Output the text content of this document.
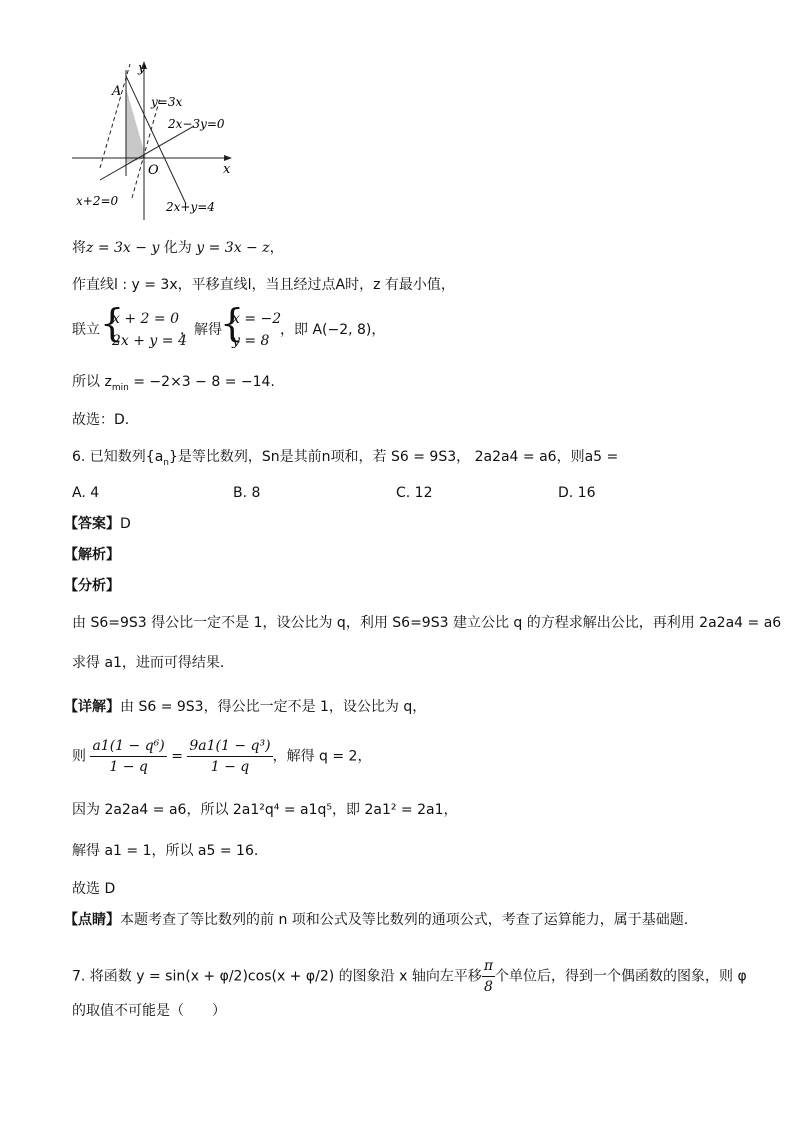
y
x
A
O
y=3x
2x−3y=0
x+2=0	2x+y=4
将z = 3x − y 化为 y = 3x − z，
作直线l : y = 3x，平移直线l，当且经过点A时，z 有最小值，
联立 {
x + 2 = 0
2x + y = 4
，解得
{
x = −2
y = 8
，即 A(−2, 8)，
所以 $z_{min} = -2\times 3 - 8 = -14$.
故选：D.
6. 已知数列$\{a_n\}$是等比数列，Sn是其前n项和，若 S6 = 9S3， 2a2a4 = a6，则a5 =
A. 4	B. 8	C. 12	D. 16
【答案】D
【解析】
【分析】
由 S6=9S3 得公比一定不是 1，设公比为 q，利用 S6=9S3 建立公比 q 的方程求解出公比，再利用 2a2a4 = a6
求得 a1，进而可得结果.
【详解】由 S6 = 9S3，得公比一定不是 1，设公比为 q，
则 $\frac{\text{a1(1 − q⁶)}}{1 - q} = \frac{\text{9a1(1 − q³)}}{1 - q}$ ，解得 q = 2，
因为 2a2a4 = a6，所以 2a1²q⁴ = a1q⁵，即 2a1² = 2a1，
解得 a1 = 1，所以 a5 = 16.
故选 D
【点睛】本题考查了等比数列的前 n 项和公式及等比数列的通项公式，考查了运算能力，属于基础题.
7. 将函数 y = sin(x + φ/2)cos(x + φ/2) 的图象沿 x 轴向左平移 $\frac{\pi}{8}$ 个单位后，得到一个偶函数的图象，则 φ
的取值不可能是（　　）
